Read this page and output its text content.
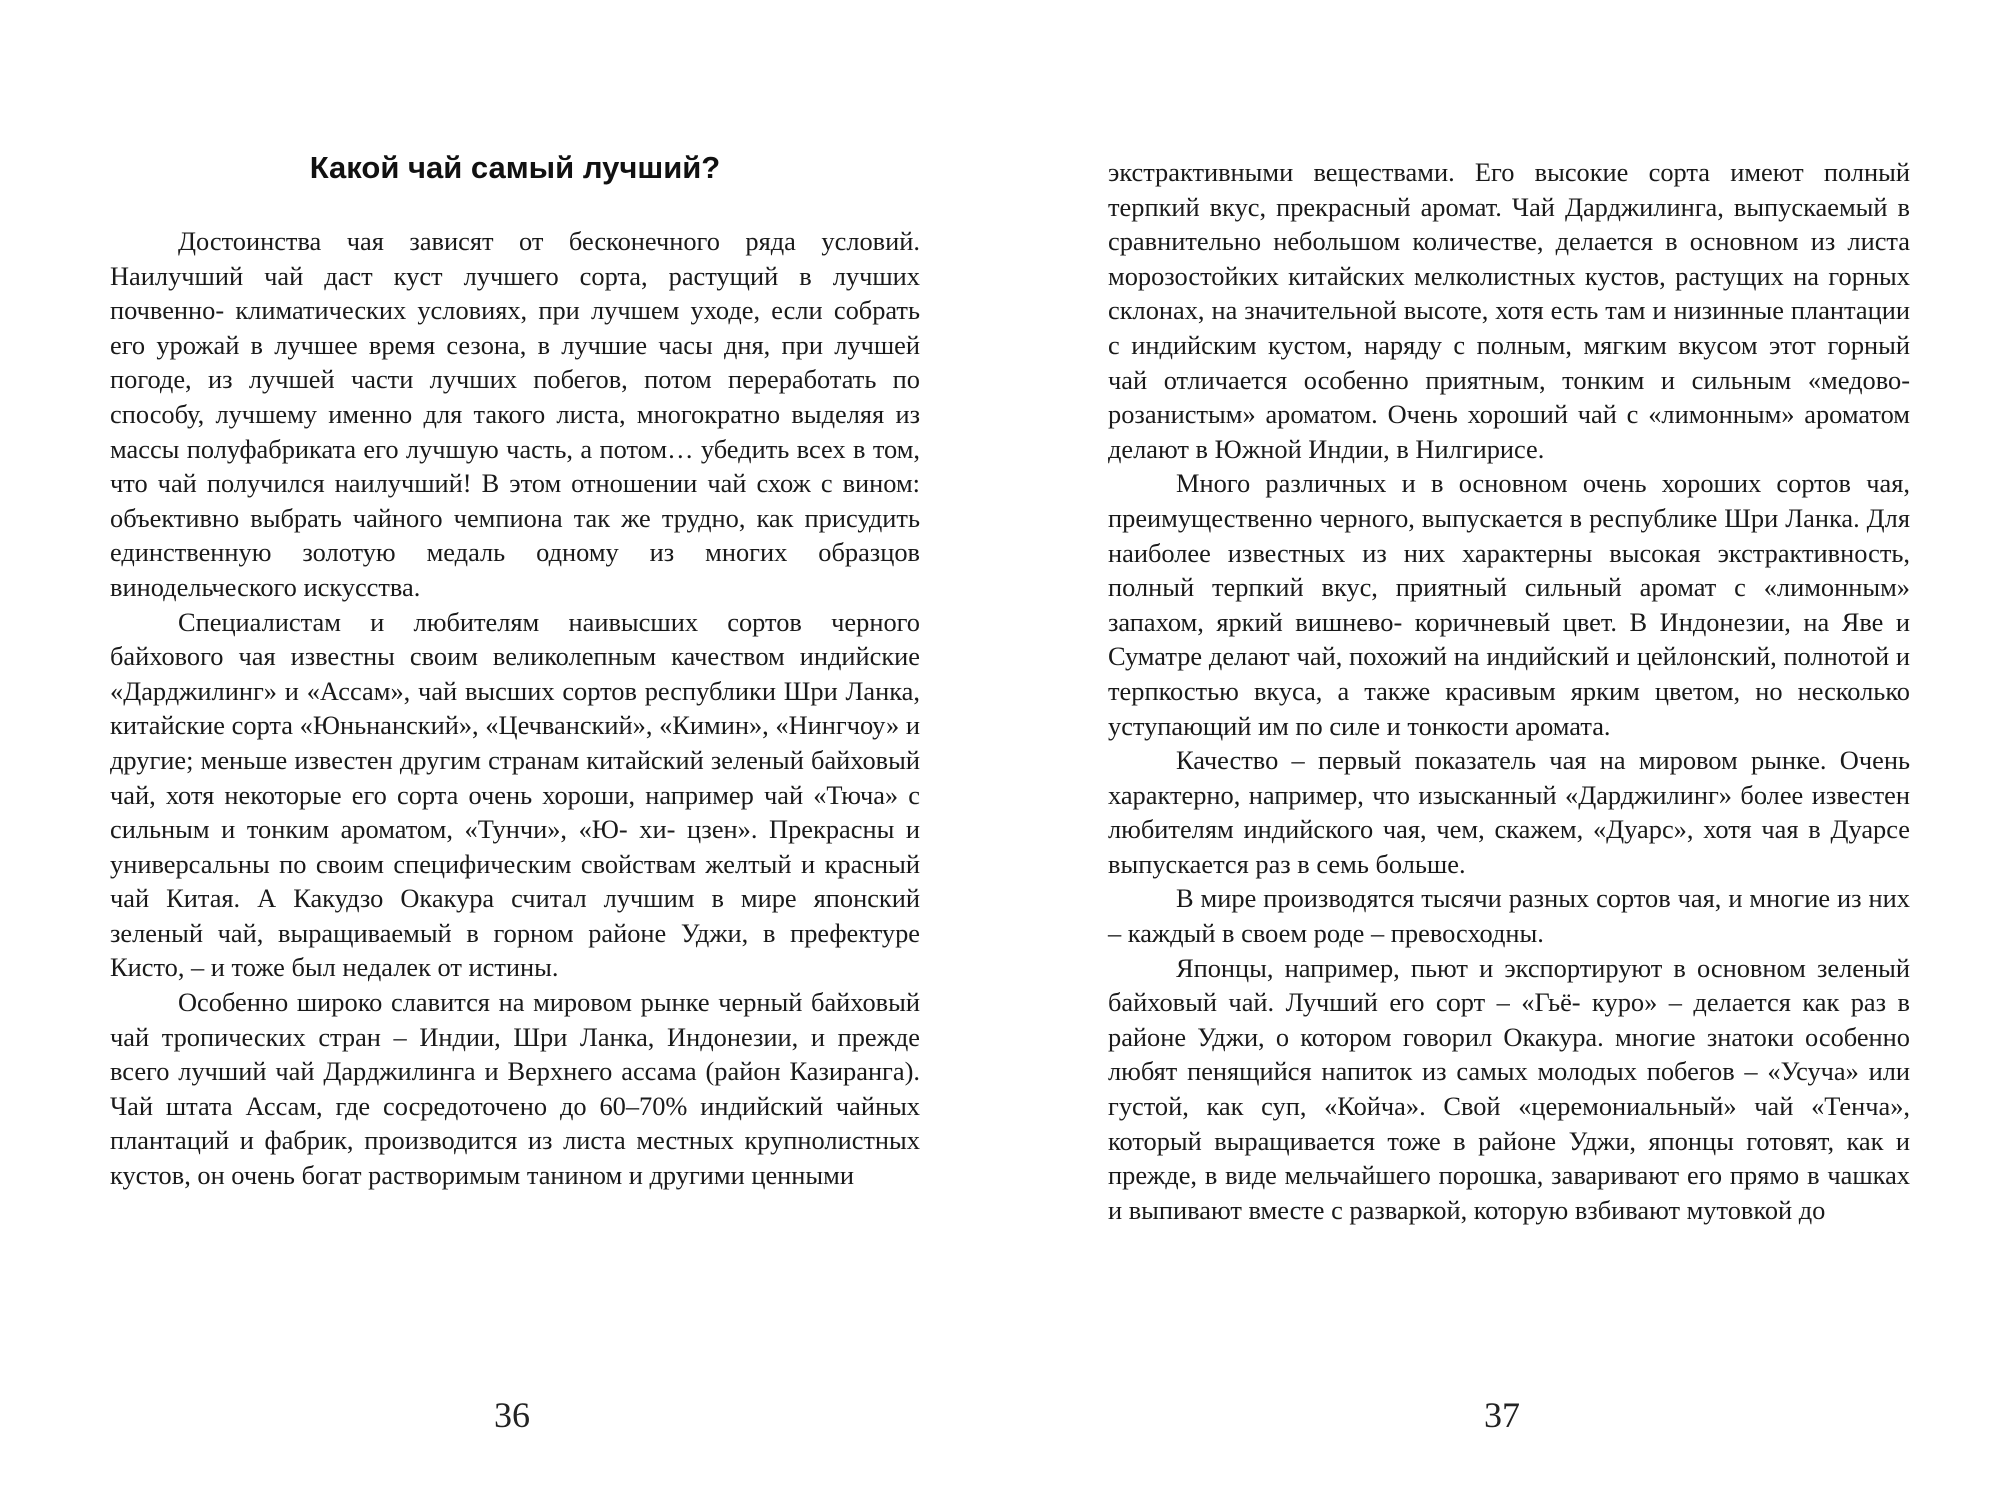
Какой чай самый лучший?

Достоинства чая зависят от бесконечного ряда условий. Наилучший чай даст куст лучшего сорта, растущий в лучших почвенно- климатических условиях, при лучшем уходе, если собрать его урожай в лучшее время сезона, в лучшие часы дня, при лучшей погоде, из лучшей части лучших побегов, потом переработать по способу, лучшему именно для такого листа, многократно выделяя из массы полуфабриката его лучшую часть, а потом… убедить всех в том, что чай получился наилучший! В этом отношении чай схож с вином: объективно выбрать чайного чемпиона так же трудно, как присудить единственную золотую медаль одному из многих образцов винодельческого искусства.

Специалистам и любителям наивысших сортов черного байхового чая известны своим великолепным качеством индийские «Дарджилинг» и «Ассам», чай высших сортов республики Шри Ланка, китайские сорта «Юньнанский», «Цечванский», «Кимин», «Нингчоу» и другие; меньше известен другим странам китайский зеленый байховый чай, хотя некоторые его сорта очень хороши, например чай «Тюча» с сильным и тонким ароматом, «Тунчи», «Ю- хи- цзен». Прекрасны и универсальны по своим специфическим свойствам желтый и красный чай Китая. А Какудзо Окакура считал лучшим в мире японский зеленый чай, выращиваемый в горном районе Уджи, в префектуре Кисто, – и тоже был недалек от истины.

Особенно широко славится на мировом рынке черный байховый чай тропических стран – Индии, Шри Ланка, Индонезии, и прежде всего лучший чай Дарджилинга и Верхнего ассама (район Казиранга). Чай штата Ассам, где сосредоточено до 60–70% индийский чайных плантаций и фабрик, производится из листа местных крупнолистных кустов, он очень богат растворимым танином и другими ценными

36

экстрактивными веществами. Его высокие сорта имеют полный терпкий вкус, прекрасный аромат. Чай Дарджилинга, выпускаемый в сравнительно небольшом количестве, делается в основном из листа морозостойких китайских мелколистных кустов, растущих на горных склонах, на значительной высоте, хотя есть там и низинные плантации с индийским кустом, наряду с полным, мягким вкусом этот горный чай отличается особенно приятным, тонким и сильным «медово- розанистым» ароматом. Очень хороший чай с «лимонным» ароматом делают в Южной Индии, в Нилгирисе.

Много различных и в основном очень хороших сортов чая, преимущественно черного, выпускается в республике Шри Ланка. Для наиболее известных из них характерны высокая экстрактивность, полный терпкий вкус, приятный сильный аромат с «лимонным» запахом, яркий вишнево- коричневый цвет. В Индонезии, на Яве и Суматре делают чай, похожий на индийский и цейлонский, полнотой и терпкостью вкуса, а также красивым ярким цветом, но несколько уступающий им по силе и тонкости аромата.

Качество – первый показатель чая на мировом рынке. Очень характерно, например, что изысканный «Дарджилинг» более известен любителям индийского чая, чем, скажем, «Дуарс», хотя чая в Дуарсе выпускается раз в семь больше.

В мире производятся тысячи разных сортов чая, и многие из них – каждый в своем роде – превосходны.

Японцы, например, пьют и экспортируют в основном зеленый байховый чай. Лучший его сорт – «Гьё- куро» – делается как раз в районе Уджи, о котором говорил Окакура. многие знатоки особенно любят пенящийся напиток из самых молодых побегов – «Усуча» или густой, как суп, «Койча». Свой «церемониальный» чай «Тенча», который выращивается тоже в районе Уджи, японцы готовят, как и прежде, в виде мельчайшего порошка, заваривают его прямо в чашках и выпивают вместе с разваркой, которую взбивают мутовкой до

37
